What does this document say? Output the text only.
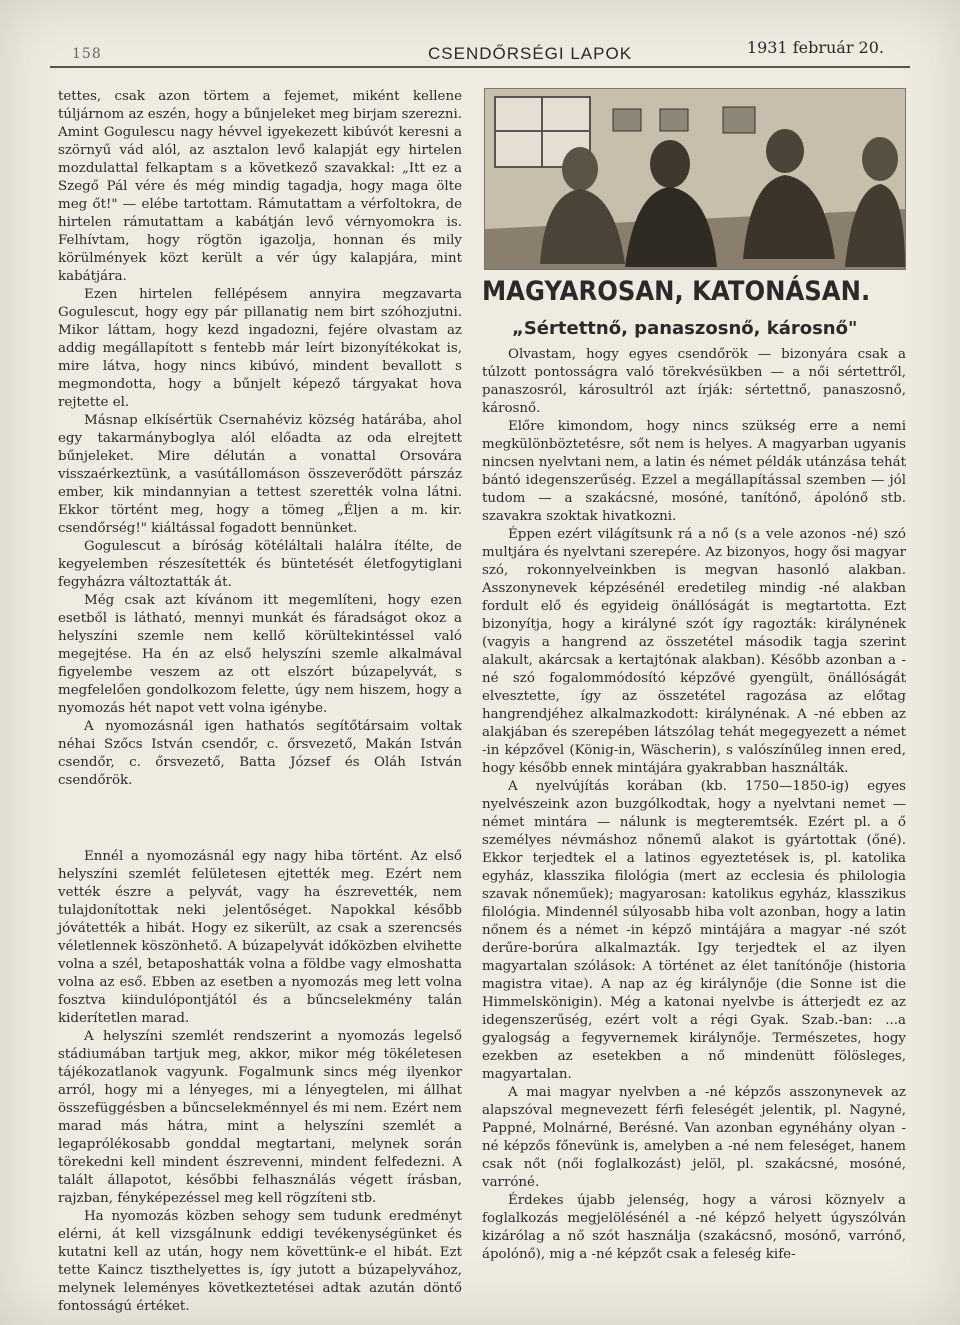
158	CSENDŐRSÉGI LAPOK	1931 február 20.

tettes, csak azon törtem a fejemet, miként kellene túljárnom az eszén, hogy a bűnjeleket meg birjam szerezni. Amint Gogulescu nagy hévvel igyekezett kibúvót keresni a szörnyű vád alól, az asztalon levő kalapját egy hirtelen mozdulattal felkaptam s a következő szavakkal: „Itt ez a Szegő Pál vére és még mindig tagadja, hogy maga ölte meg őt!" — elébe tartottam. Rámutattam a vérfoltokra, de hirtelen rámutattam a kabátján levő vérnyomokra is. Felhívtam, hogy rögtön igazolja, honnan és mily körülmények közt került a vér úgy kalapjára, mint kabátjára.

Ezen hirtelen fellépésem annyira megzavarta Gogulescut, hogy egy pár pillanatig nem birt szóhozjutni. Mikor láttam, hogy kezd ingadozni, fejére olvastam az addig megállapított s fentebb már leírt bizonyítékokat is, mire látva, hogy nincs kibúvó, mindent bevallott s megmondotta, hogy a bűnjelt képező tárgyakat hova rejtette el.

Másnap elkísértük Csernahéviz község határába, ahol egy takarmányboglya alól előadta az oda elrejtett bűnjeleket. Mire délután a vonattal Orsovára visszaérkeztünk, a vasútállomáson összeverődött párszáz ember, kik mindannyian a tettest szerették volna látni. Ekkor történt meg, hogy a tömeg „Éljen a m. kir. csendőrség!" kiáltással fogadott bennünket.

Gogulescut a bíróság kötéláltali halálra ítélte, de kegyelemben részesítették és büntetését életfogytiglani fegyházra változtatták át.

Még csak azt kívánom itt megemlíteni, hogy ezen esetből is látható, mennyi munkát és fáradságot okoz a helyszíni szemle nem kellő körültekintéssel való megejtése. Ha én az első helyszíni szemle alkalmával figyelembe veszem az ott elszórt búzapelyvát, s megfelelően gondolkozom felette, úgy nem hiszem, hogy a nyomozás hét napot vett volna igénybe.

A nyomozásnál igen hathatós segítőtársaim voltak néhai Szőcs István csendőr, c. őrsvezető, Makán István csendőr, c. őrsvezető, Batta József és Oláh István csendőrök.

Ennél a nyomozásnál egy nagy hiba történt. Az első helyszíni szemlét felületesen ejtették meg. Ezért nem vették észre a pelyvát, vagy ha észrevették, nem tulajdonítottak neki jelentőséget. Napokkal később jóvátették a hibát. Hogy ez sikerült, az csak a szerencsés véletlennek köszönhető. A búzapelyvát időközben elvihette volna a szél, betaposhatták volna a földbe vagy elmoshatta volna az eső. Ebben az esetben a nyomozás meg lett volna fosztva kiindulópontjától és a bűncselekmény talán kiderítetlen marad.

A helyszíni szemlét rendszerint a nyomozás legelső stádiumában tartjuk meg, akkor, mikor még tökéletesen tájékozatlanok vagyunk. Fogalmunk sincs még ilyenkor arról, hogy mi a lényeges, mi a lényegtelen, mi állhat összefüggésben a bűncselekménnyel és mi nem. Ezért nem marad más hátra, mint a helyszíni szemlét a legaprólékosabb gonddal megtartani, melynek során törekedni kell mindent észrevenni, mindent felfedezni. A talált állapotot, későbbi felhasználás végett írásban, rajzban, fényképezéssel meg kell rögzíteni stb.

Ha nyomozás közben sehogy sem tudunk eredményt elérni, át kell vizsgálnunk eddigi tevékenységünket és kutatni kell az után, hogy nem követtünk-e el hibát. Ezt tette Kaincz tiszthelyettes is, így jutott a búzapelyvához, melynek leleményes következtetései adtak azután döntő fontosságú értéket.

MAGYAROSAN, KATONÁSAN.
„Sértettnő, panaszosnő, károsnő"

Olvastam, hogy egyes csendőrök — bizonyára csak a túlzott pontosságra való törekvésükben — a női sértettről, panaszosról, károsultról azt írják: sértettnő, panaszosnő, károsnő.

Előre kimondom, hogy nincs szükség erre a nemi megkülönböztetésre, sőt nem is helyes. A magyarban ugyanis nincsen nyelvtani nem, a latin és német példák utánzása tehát bántó idegenszerűség. Ezzel a megállapítással szemben — jól tudom — a szakácsné, mosóné, tanítónő, ápolónő stb. szavakra szoktak hivatkozni.

Éppen ezért világítsunk rá a nő (s a vele azonos -né) szó multjára és nyelvtani szerepére. Az bizonyos, hogy ősi magyar szó, rokonnyelveinkben is megvan hasonló alakban. Asszonynevek képzésénél eredetileg mindig -né alakban fordult elő és egyideig önállóságát is megtartotta. Ezt bizonyítja, hogy a királyné szót így ragozták: királynének (vagyis a hangrend az összetétel második tagja szerint alakult, akárcsak a kertajtónak alakban). Később azonban a -né szó fogalommódosító képzővé gyengült, önállóságát elvesztette, így az összetétel ragozása az előtag hangrendjéhez alkalmazkodott: királynénak. A -né ebben az alakjában és szerepében látszólag tehát megegyezett a német -in képzővel (König-in, Wäscherin), s valószínűleg innen ered, hogy később ennek mintájára gyakrabban használták.

A nyelvújítás korában (kb. 1750—1850-ig) egyes nyelvészeink azon buzgólkodtak, hogy a nyelvtani nemet — német mintára — nálunk is megteremtsék. Ezért pl. a ő személyes névmáshoz nőnemű alakot is gyártottak (őné). Ekkor terjedtek el a latinos egyeztetések is, pl. katolika egyház, klasszika filológia (mert az ecclesia és philologia szavak nőneműek); magyarosan: katolikus egyház, klasszikus filológia. Mindennél súlyosabb hiba volt azonban, hogy a latin nőnem és a német -in képző mintájára a magyar -né szót derűre-borúra alkalmazták. Igy terjedtek el az ilyen magyartalan szólások: A történet az élet tanítónője (historia magistra vitae). A nap az ég királynője (die Sonne ist die Himmelskönigin). Még a katonai nyelvbe is átterjedt ez az idegenszerűség, ezért volt a régi Gyak. Szab.-ban: ...a gyalogság a fegyvernemek királynője. Természetes, hogy ezekben az esetekben a nő mindenütt fölösleges, magyartalan.

A mai magyar nyelvben a -né képzős asszonynevek az alapszóval megnevezett férfi feleségét jelentik, pl. Nagyné, Pappné, Molnárné, Berésné. Van azonban egynéhány olyan -né képzős főnevünk is, amelyben a -né nem feleséget, hanem csak nőt (női foglalkozást) jelöl, pl. szakácsné, mosóné, varróné.

Érdekes újabb jelenség, hogy a városi köznyelv a foglalkozás megjelölésénél a -né képző helyett úgyszólván kizárólag a nő szót használja (szakácsnő, mosónő, varrónő, ápolónő), mig a -né képzőt csak a feleség kife-
